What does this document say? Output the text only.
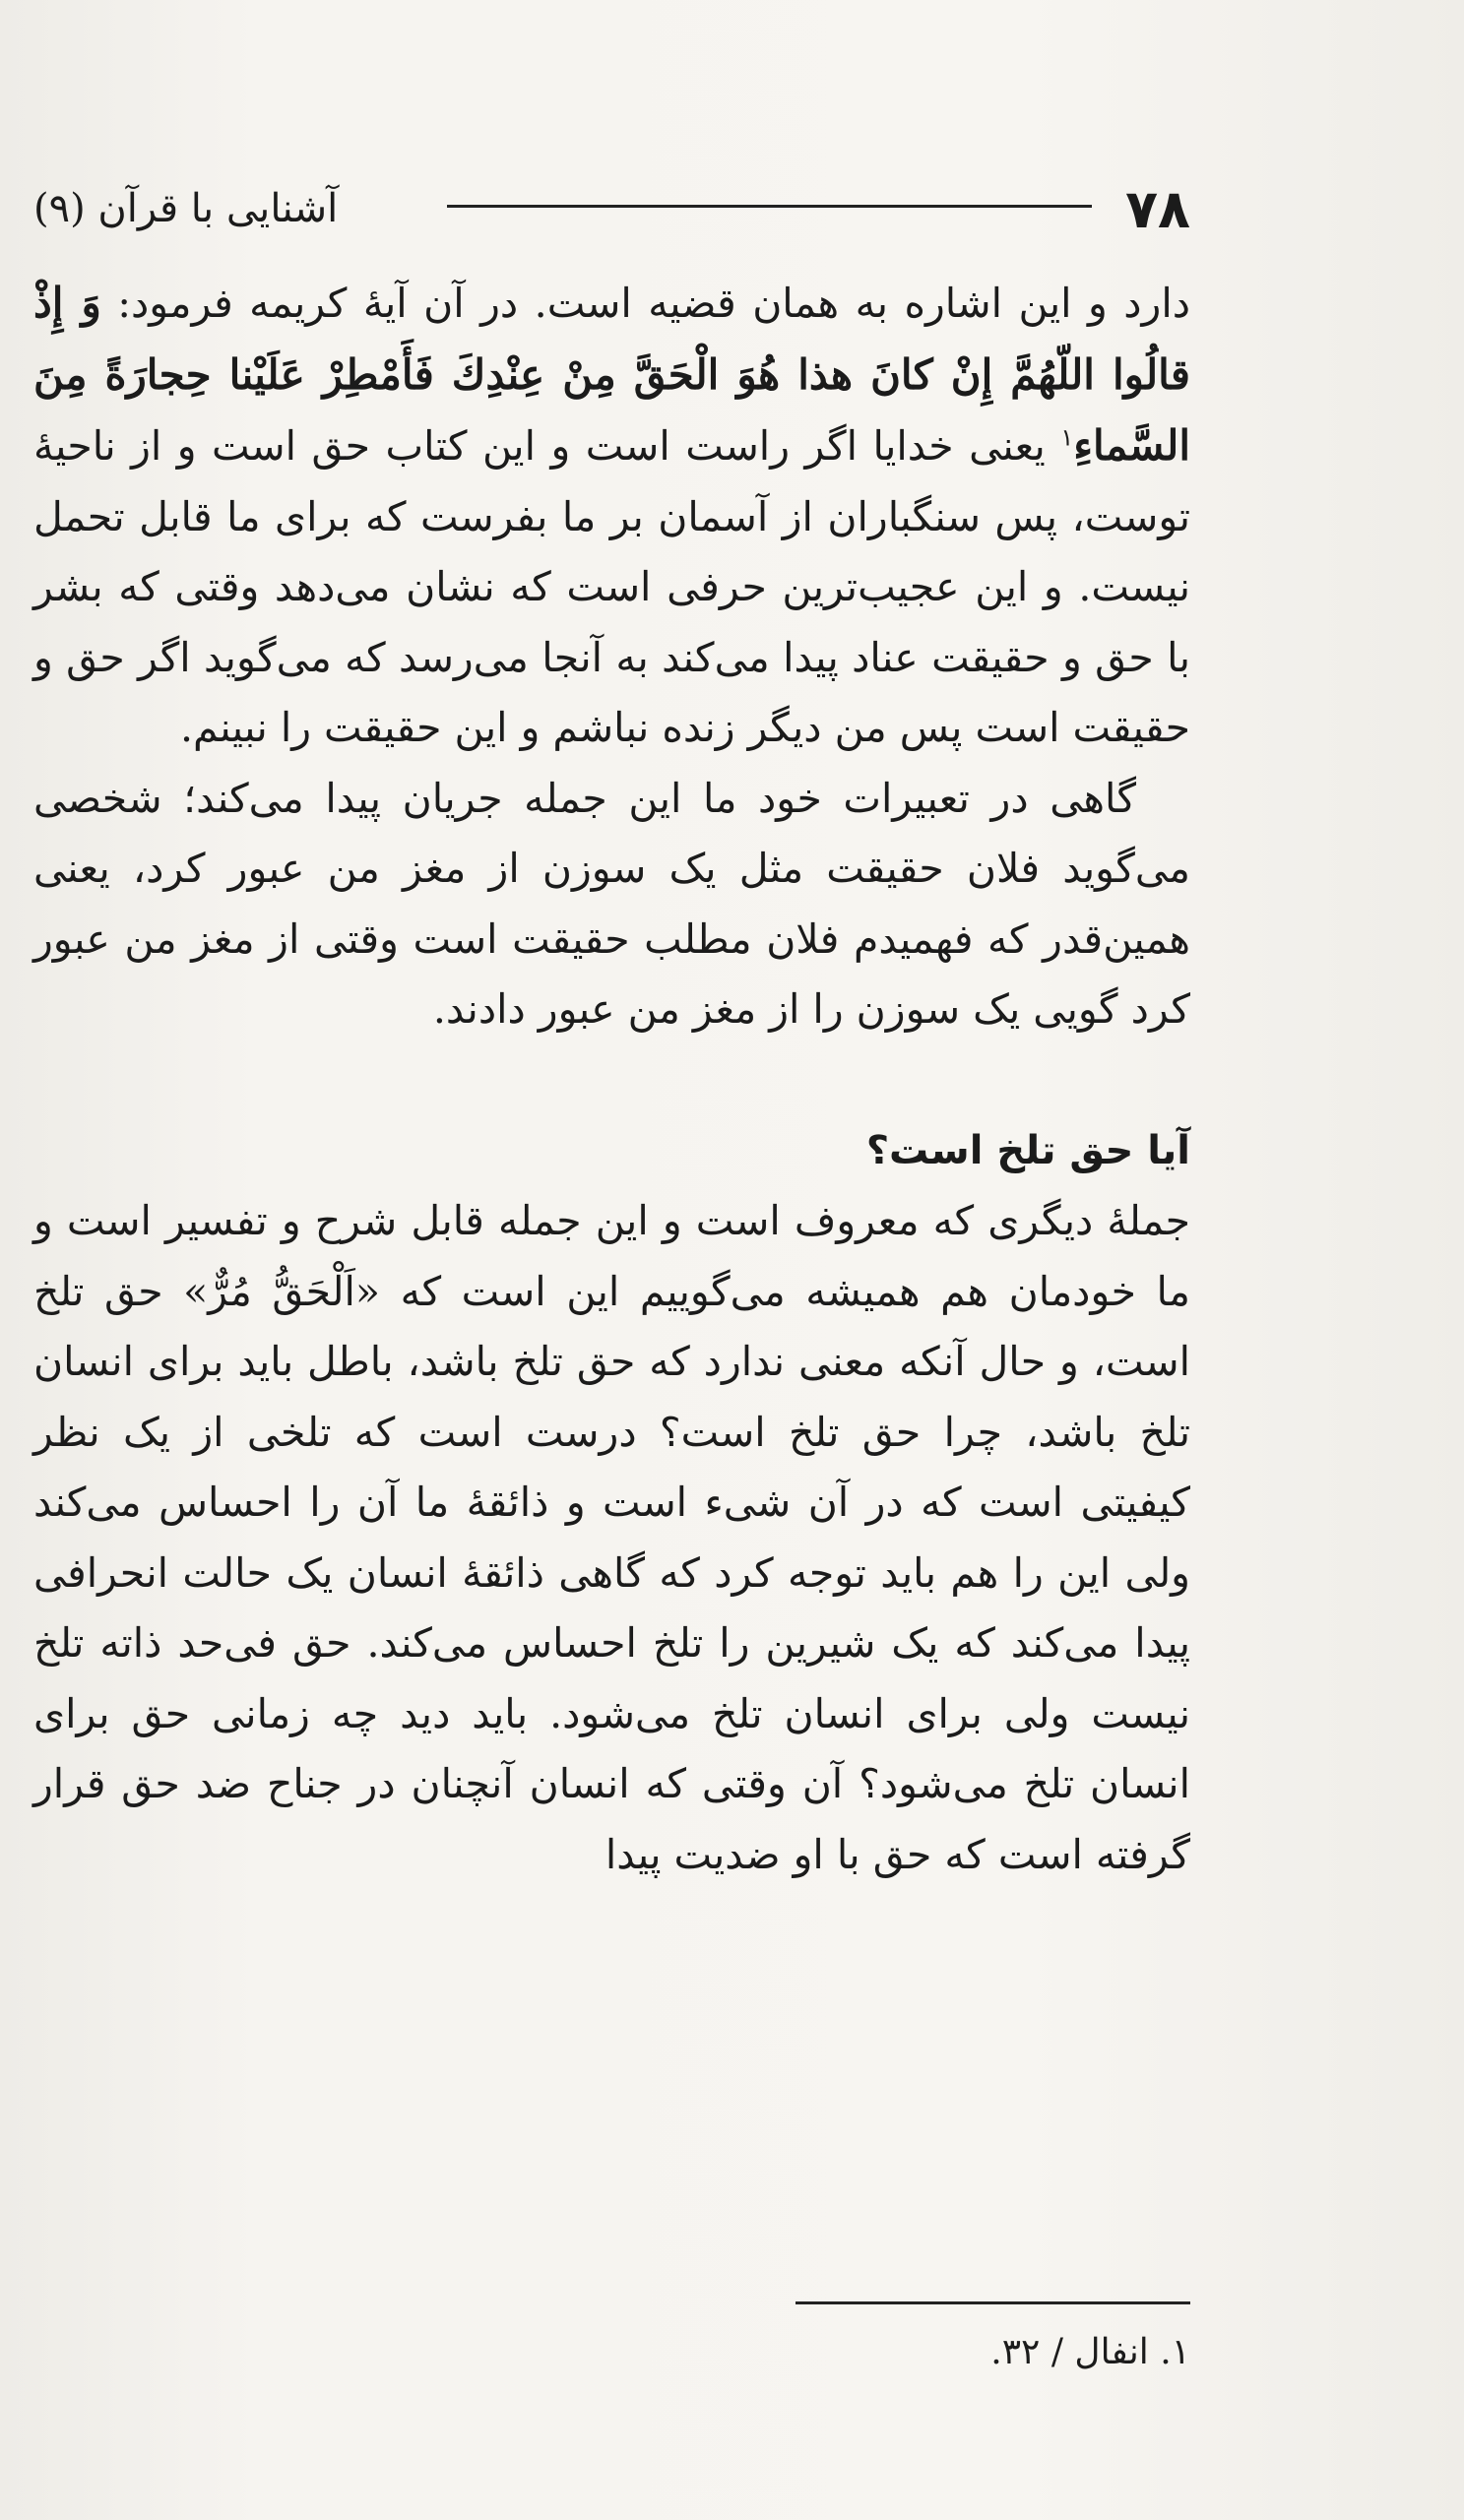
۷۸
آشنایی با قرآن (۹)

دارد و این اشاره به همان قضیه است. در آن آیهٔ کریمه فرمود: وَ إِذْ قالُوا اللّهُمَّ إِنْ كانَ هذا هُوَ الْحَقَّ مِنْ عِنْدِكَ فَأَمْطِرْ عَلَيْنا حِجارَةً مِنَ السَّماءِ$^۱$ یعنی خدایا اگر راست است و این کتاب حق است و از ناحیهٔ توست، پس سنگباران از آسمان بر ما بفرست که برای ما قابل تحمل نیست. و این عجیب‌ترین حرفی است که نشان می‌دهد وقتی که بشر با حق و حقیقت عناد پیدا می‌کند به آنجا می‌رسد که می‌گوید اگر حق و حقیقت است پس من دیگر زنده نباشم و این حقیقت را نبینم.

گاهی در تعبیرات خود ما این جمله جریان پیدا می‌کند؛ شخصی می‌گوید فلان حقیقت مثل یک سوزن از مغز من عبور کرد، یعنی همین‌قدر که فهمیدم فلان مطلب حقیقت است وقتی از مغز من عبور کرد گویی یک سوزن را از مغز من عبور دادند.

آیا حق تلخ است؟

جملهٔ دیگری که معروف است و این جمله قابل شرح و تفسیر است و ما خودمان هم همیشه می‌گوییم این است که «اَلْحَقُّ مُرٌّ» حق تلخ است، و حال آنکه معنی ندارد که حق تلخ باشد، باطل باید برای انسان تلخ باشد، چرا حق تلخ است؟ درست است که تلخی از یک نظر کیفیتی است که در آن شیء است و ذائقهٔ ما آن را احساس می‌کند ولی این را هم باید توجه کرد که گاهی ذائقهٔ انسان یک حالت انحرافی پیدا می‌کند که یک شیرین را تلخ احساس می‌کند. حق فی‌حد ذاته تلخ نیست ولی برای انسان تلخ می‌شود. باید دید چه زمانی حق برای انسان تلخ می‌شود؟ آن وقتی که انسان آنچنان در جناح ضد حق قرار گرفته است که حق با او ضدیت پیدا

۱. انفال / ۳۲.
